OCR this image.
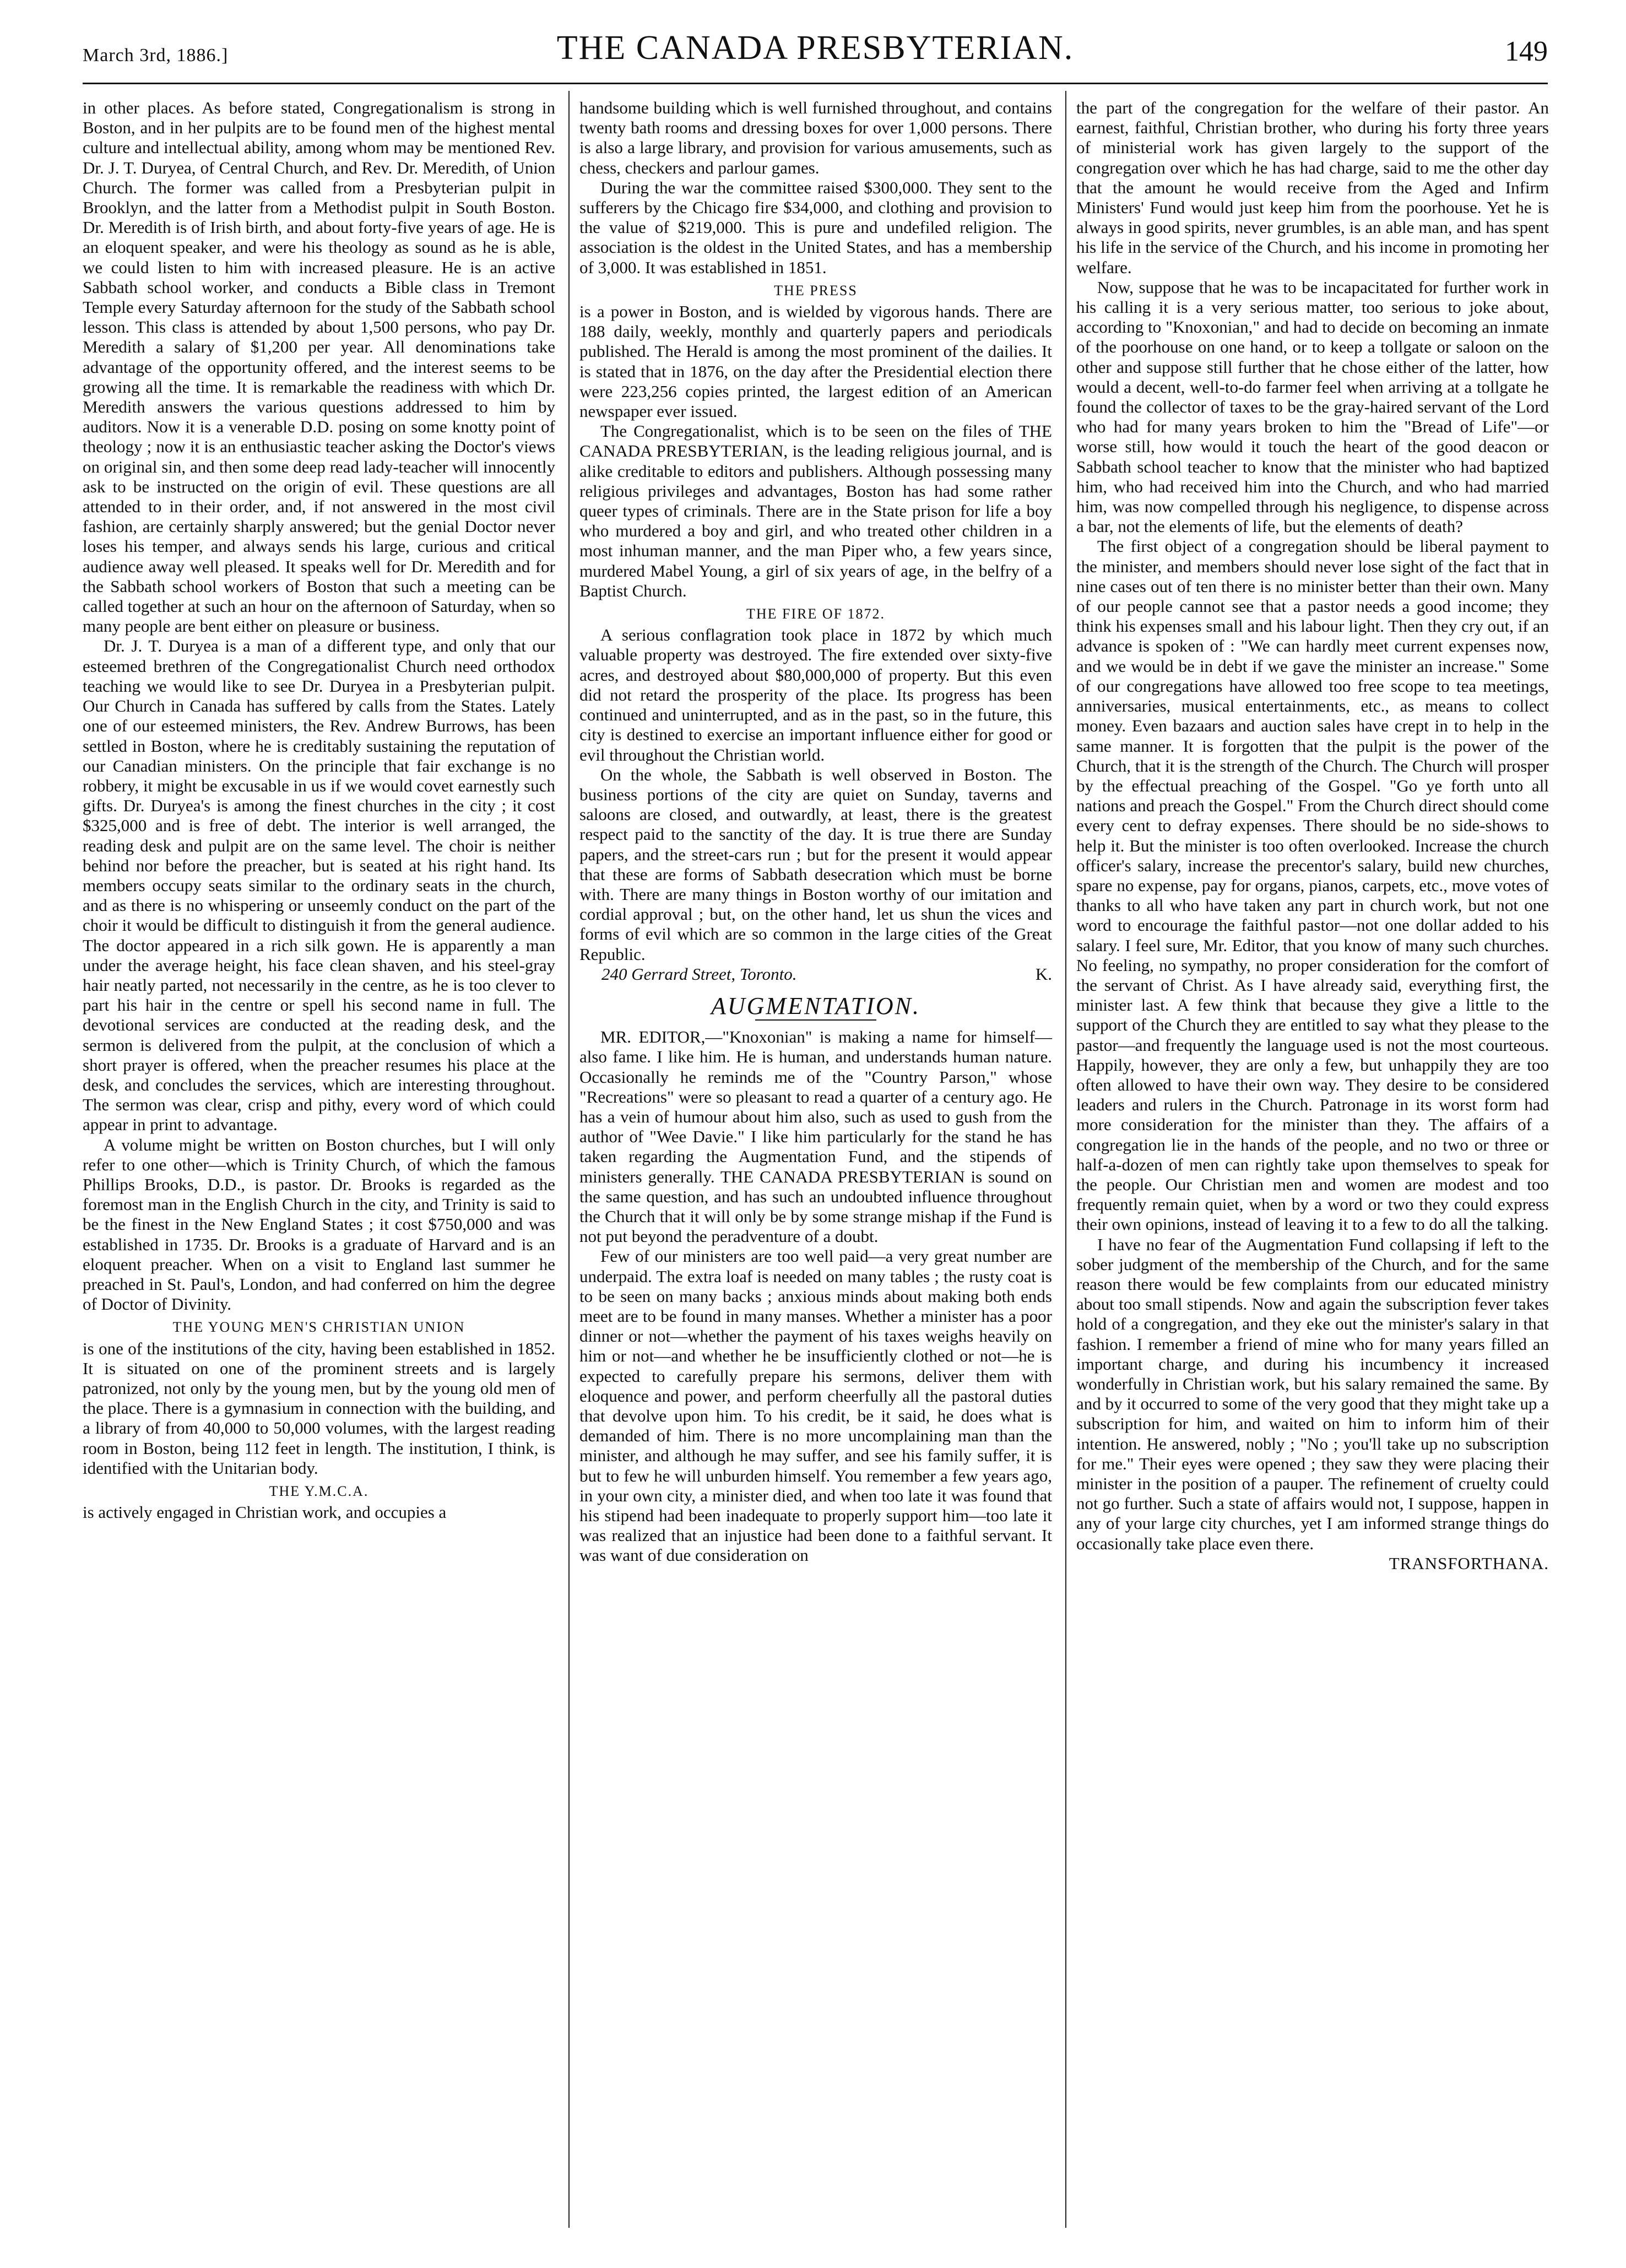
March 3rd, 1886.]	THE CANADA PRESBYTERIAN.	149

in other places. As before stated, Congregationalism is strong in Boston, and in her pulpits are to be found men of the highest mental culture and intellectual ability, among whom may be mentioned Rev. Dr. J. T. Duryea, of Central Church, and Rev. Dr. Meredith, of Union Church. The former was called from a Presbyterian pulpit in Brooklyn, and the latter from a Methodist pulpit in South Boston. Dr. Meredith is of Irish birth, and about forty-five years of age. He is an eloquent speaker, and were his theology as sound as he is able, we could listen to him with increased pleasure. He is an active Sabbath school worker, and conducts a Bible class in Tremont Temple every Saturday afternoon for the study of the Sabbath school lesson. This class is attended by about 1,500 persons, who pay Dr. Meredith a salary of $1,200 per year. All denominations take advantage of the opportunity offered, and the interest seems to be growing all the time. It is remarkable the readiness with which Dr. Meredith answers the various questions addressed to him by auditors. Now it is a venerable D.D. posing on some knotty point of theology ; now it is an enthusiastic teacher asking the Doctor's views on original sin, and then some deep read lady-teacher will innocently ask to be instructed on the origin of evil. These questions are all attended to in their order, and, if not answered in the most civil fashion, are certainly sharply answered; but the genial Doctor never loses his temper, and always sends his large, curious and critical audience away well pleased. It speaks well for Dr. Meredith and for the Sabbath school workers of Boston that such a meeting can be called together at such an hour on the afternoon of Saturday, when so many people are bent either on pleasure or business.

Dr. J. T. Duryea is a man of a different type, and only that our esteemed brethren of the Congregationalist Church need orthodox teaching we would like to see Dr. Duryea in a Presbyterian pulpit. Our Church in Canada has suffered by calls from the States. Lately one of our esteemed ministers, the Rev. Andrew Burrows, has been settled in Boston, where he is creditably sustaining the reputation of our Canadian ministers. On the principle that fair exchange is no robbery, it might be excusable in us if we would covet earnestly such gifts. Dr. Duryea's is among the finest churches in the city ; it cost $325,000 and is free of debt. The interior is well arranged, the reading desk and pulpit are on the same level. The choir is neither behind nor before the preacher, but is seated at his right hand. Its members occupy seats similar to the ordinary seats in the church, and as there is no whispering or unseemly conduct on the part of the choir it would be difficult to distinguish it from the general audience. The doctor appeared in a rich silk gown. He is apparently a man under the average height, his face clean shaven, and his steel-gray hair neatly parted, not necessarily in the centre, as he is too clever to part his hair in the centre or spell his second name in full. The devotional services are conducted at the reading desk, and the sermon is delivered from the pulpit, at the conclusion of which a short prayer is offered, when the preacher resumes his place at the desk, and concludes the services, which are interesting throughout. The sermon was clear, crisp and pithy, every word of which could appear in print to advantage.

A volume might be written on Boston churches, but I will only refer to one other—which is Trinity Church, of which the famous Phillips Brooks, D.D., is pastor. Dr. Brooks is regarded as the foremost man in the English Church in the city, and Trinity is said to be the finest in the New England States ; it cost $750,000 and was established in 1735. Dr. Brooks is a graduate of Harvard and is an eloquent preacher. When on a visit to England last summer he preached in St. Paul's, London, and had conferred on him the degree of Doctor of Divinity.

THE YOUNG MEN'S CHRISTIAN UNION

is one of the institutions of the city, having been established in 1852. It is situated on one of the prominent streets and is largely patronized, not only by the young men, but by the young old men of the place. There is a gymnasium in connection with the building, and a library of from 40,000 to 50,000 volumes, with the largest reading room in Boston, being 112 feet in length. The institution, I think, is identified with the Unitarian body.

THE Y.M.C.A.

is actively engaged in Christian work, and occupies a

handsome building which is well furnished throughout, and contains twenty bath rooms and dressing boxes for over 1,000 persons. There is also a large library, and provision for various amusements, such as chess, checkers and parlour games.

During the war the committee raised $300,000. They sent to the sufferers by the Chicago fire $34,000, and clothing and provision to the value of $219,000. This is pure and undefiled religion. The association is the oldest in the United States, and has a membership of 3,000. It was established in 1851.

THE PRESS

is a power in Boston, and is wielded by vigorous hands. There are 188 daily, weekly, monthly and quarterly papers and periodicals published. The Herald is among the most prominent of the dailies. It is stated that in 1876, on the day after the Presidential election there were 223,256 copies printed, the largest edition of an American newspaper ever issued.

The Congregationalist, which is to be seen on the files of THE CANADA PRESBYTERIAN, is the leading religious journal, and is alike creditable to editors and publishers. Although possessing many religious privileges and advantages, Boston has had some rather queer types of criminals. There are in the State prison for life a boy who murdered a boy and girl, and who treated other children in a most inhuman manner, and the man Piper who, a few years since, murdered Mabel Young, a girl of six years of age, in the belfry of a Baptist Church.

THE FIRE OF 1872.

A serious conflagration took place in 1872 by which much valuable property was destroyed. The fire extended over sixty-five acres, and destroyed about $80,000,000 of property. But this even did not retard the prosperity of the place. Its progress has been continued and uninterrupted, and as in the past, so in the future, this city is destined to exercise an important influence either for good or evil throughout the Christian world.

On the whole, the Sabbath is well observed in Boston. The business portions of the city are quiet on Sunday, taverns and saloons are closed, and outwardly, at least, there is the greatest respect paid to the sanctity of the day. It is true there are Sunday papers, and the street-cars run ; but for the present it would appear that these are forms of Sabbath desecration which must be borne with. There are many things in Boston worthy of our imitation and cordial approval ; but, on the other hand, let us shun the vices and forms of evil which are so common in the large cities of the Great Republic.

240 Gerrard Street, Toronto.	K.
AUGMENTATION.

MR. EDITOR,—"Knoxonian" is making a name for himself—also fame. I like him. He is human, and understands human nature. Occasionally he reminds me of the "Country Parson," whose "Recreations" were so pleasant to read a quarter of a century ago. He has a vein of humour about him also, such as used to gush from the author of "Wee Davie." I like him particularly for the stand he has taken regarding the Augmentation Fund, and the stipends of ministers generally. THE CANADA PRESBYTERIAN is sound on the same question, and has such an undoubted influence throughout the Church that it will only be by some strange mishap if the Fund is not put beyond the peradventure of a doubt.

Few of our ministers are too well paid—a very great number are underpaid. The extra loaf is needed on many tables ; the rusty coat is to be seen on many backs ; anxious minds about making both ends meet are to be found in many manses. Whether a minister has a poor dinner or not—whether the payment of his taxes weighs heavily on him or not—and whether he be insufficiently clothed or not—he is expected to carefully prepare his sermons, deliver them with eloquence and power, and perform cheerfully all the pastoral duties that devolve upon him. To his credit, be it said, he does what is demanded of him. There is no more uncomplaining man than the minister, and although he may suffer, and see his family suffer, it is but to few he will unburden himself. You remember a few years ago, in your own city, a minister died, and when too late it was found that his stipend had been inadequate to properly support him—too late it was realized that an injustice had been done to a faithful servant. It was want of due consideration on

the part of the congregation for the welfare of their pastor. An earnest, faithful, Christian brother, who during his forty three years of ministerial work has given largely to the support of the congregation over which he has had charge, said to me the other day that the amount he would receive from the Aged and Infirm Ministers' Fund would just keep him from the poorhouse. Yet he is always in good spirits, never grumbles, is an able man, and has spent his life in the service of the Church, and his income in promoting her welfare.

Now, suppose that he was to be incapacitated for further work in his calling it is a very serious matter, too serious to joke about, according to "Knoxonian," and had to decide on becoming an inmate of the poorhouse on one hand, or to keep a tollgate or saloon on the other and suppose still further that he chose either of the latter, how would a decent, well-to-do farmer feel when arriving at a tollgate he found the collector of taxes to be the gray-haired servant of the Lord who had for many years broken to him the "Bread of Life"—or worse still, how would it touch the heart of the good deacon or Sabbath school teacher to know that the minister who had baptized him, who had received him into the Church, and who had married him, was now compelled through his negligence, to dispense across a bar, not the elements of life, but the elements of death?

The first object of a congregation should be liberal payment to the minister, and members should never lose sight of the fact that in nine cases out of ten there is no minister better than their own. Many of our people cannot see that a pastor needs a good income; they think his expenses small and his labour light. Then they cry out, if an advance is spoken of : "We can hardly meet current expenses now, and we would be in debt if we gave the minister an increase." Some of our congregations have allowed too free scope to tea meetings, anniversaries, musical entertainments, etc., as means to collect money. Even bazaars and auction sales have crept in to help in the same manner. It is forgotten that the pulpit is the power of the Church, that it is the strength of the Church. The Church will prosper by the effectual preaching of the Gospel. "Go ye forth unto all nations and preach the Gospel." From the Church direct should come every cent to defray expenses. There should be no side-shows to help it. But the minister is too often overlooked. Increase the church officer's salary, increase the precentor's salary, build new churches, spare no expense, pay for organs, pianos, carpets, etc., move votes of thanks to all who have taken any part in church work, but not one word to encourage the faithful pastor—not one dollar added to his salary. I feel sure, Mr. Editor, that you know of many such churches. No feeling, no sympathy, no proper consideration for the comfort of the servant of Christ. As I have already said, everything first, the minister last. A few think that because they give a little to the support of the Church they are entitled to say what they please to the pastor—and frequently the language used is not the most courteous. Happily, however, they are only a few, but unhappily they are too often allowed to have their own way. They desire to be considered leaders and rulers in the Church. Patronage in its worst form had more consideration for the minister than they. The affairs of a congregation lie in the hands of the people, and no two or three or half-a-dozen of men can rightly take upon themselves to speak for the people. Our Christian men and women are modest and too frequently remain quiet, when by a word or two they could express their own opinions, instead of leaving it to a few to do all the talking.

I have no fear of the Augmentation Fund collapsing if left to the sober judgment of the membership of the Church, and for the same reason there would be few complaints from our educated ministry about too small stipends. Now and again the subscription fever takes hold of a congregation, and they eke out the minister's salary in that fashion. I remember a friend of mine who for many years filled an important charge, and during his incumbency it increased wonderfully in Christian work, but his salary remained the same. By and by it occurred to some of the very good that they might take up a subscription for him, and waited on him to inform him of their intention. He answered, nobly ; "No ; you'll take up no subscription for me." Their eyes were opened ; they saw they were placing their minister in the position of a pauper. The refinement of cruelty could not go further. Such a state of affairs would not, I suppose, happen in any of your large city churches, yet I am informed strange things do occasionally take place even there.

TRANSFORTHANA.
